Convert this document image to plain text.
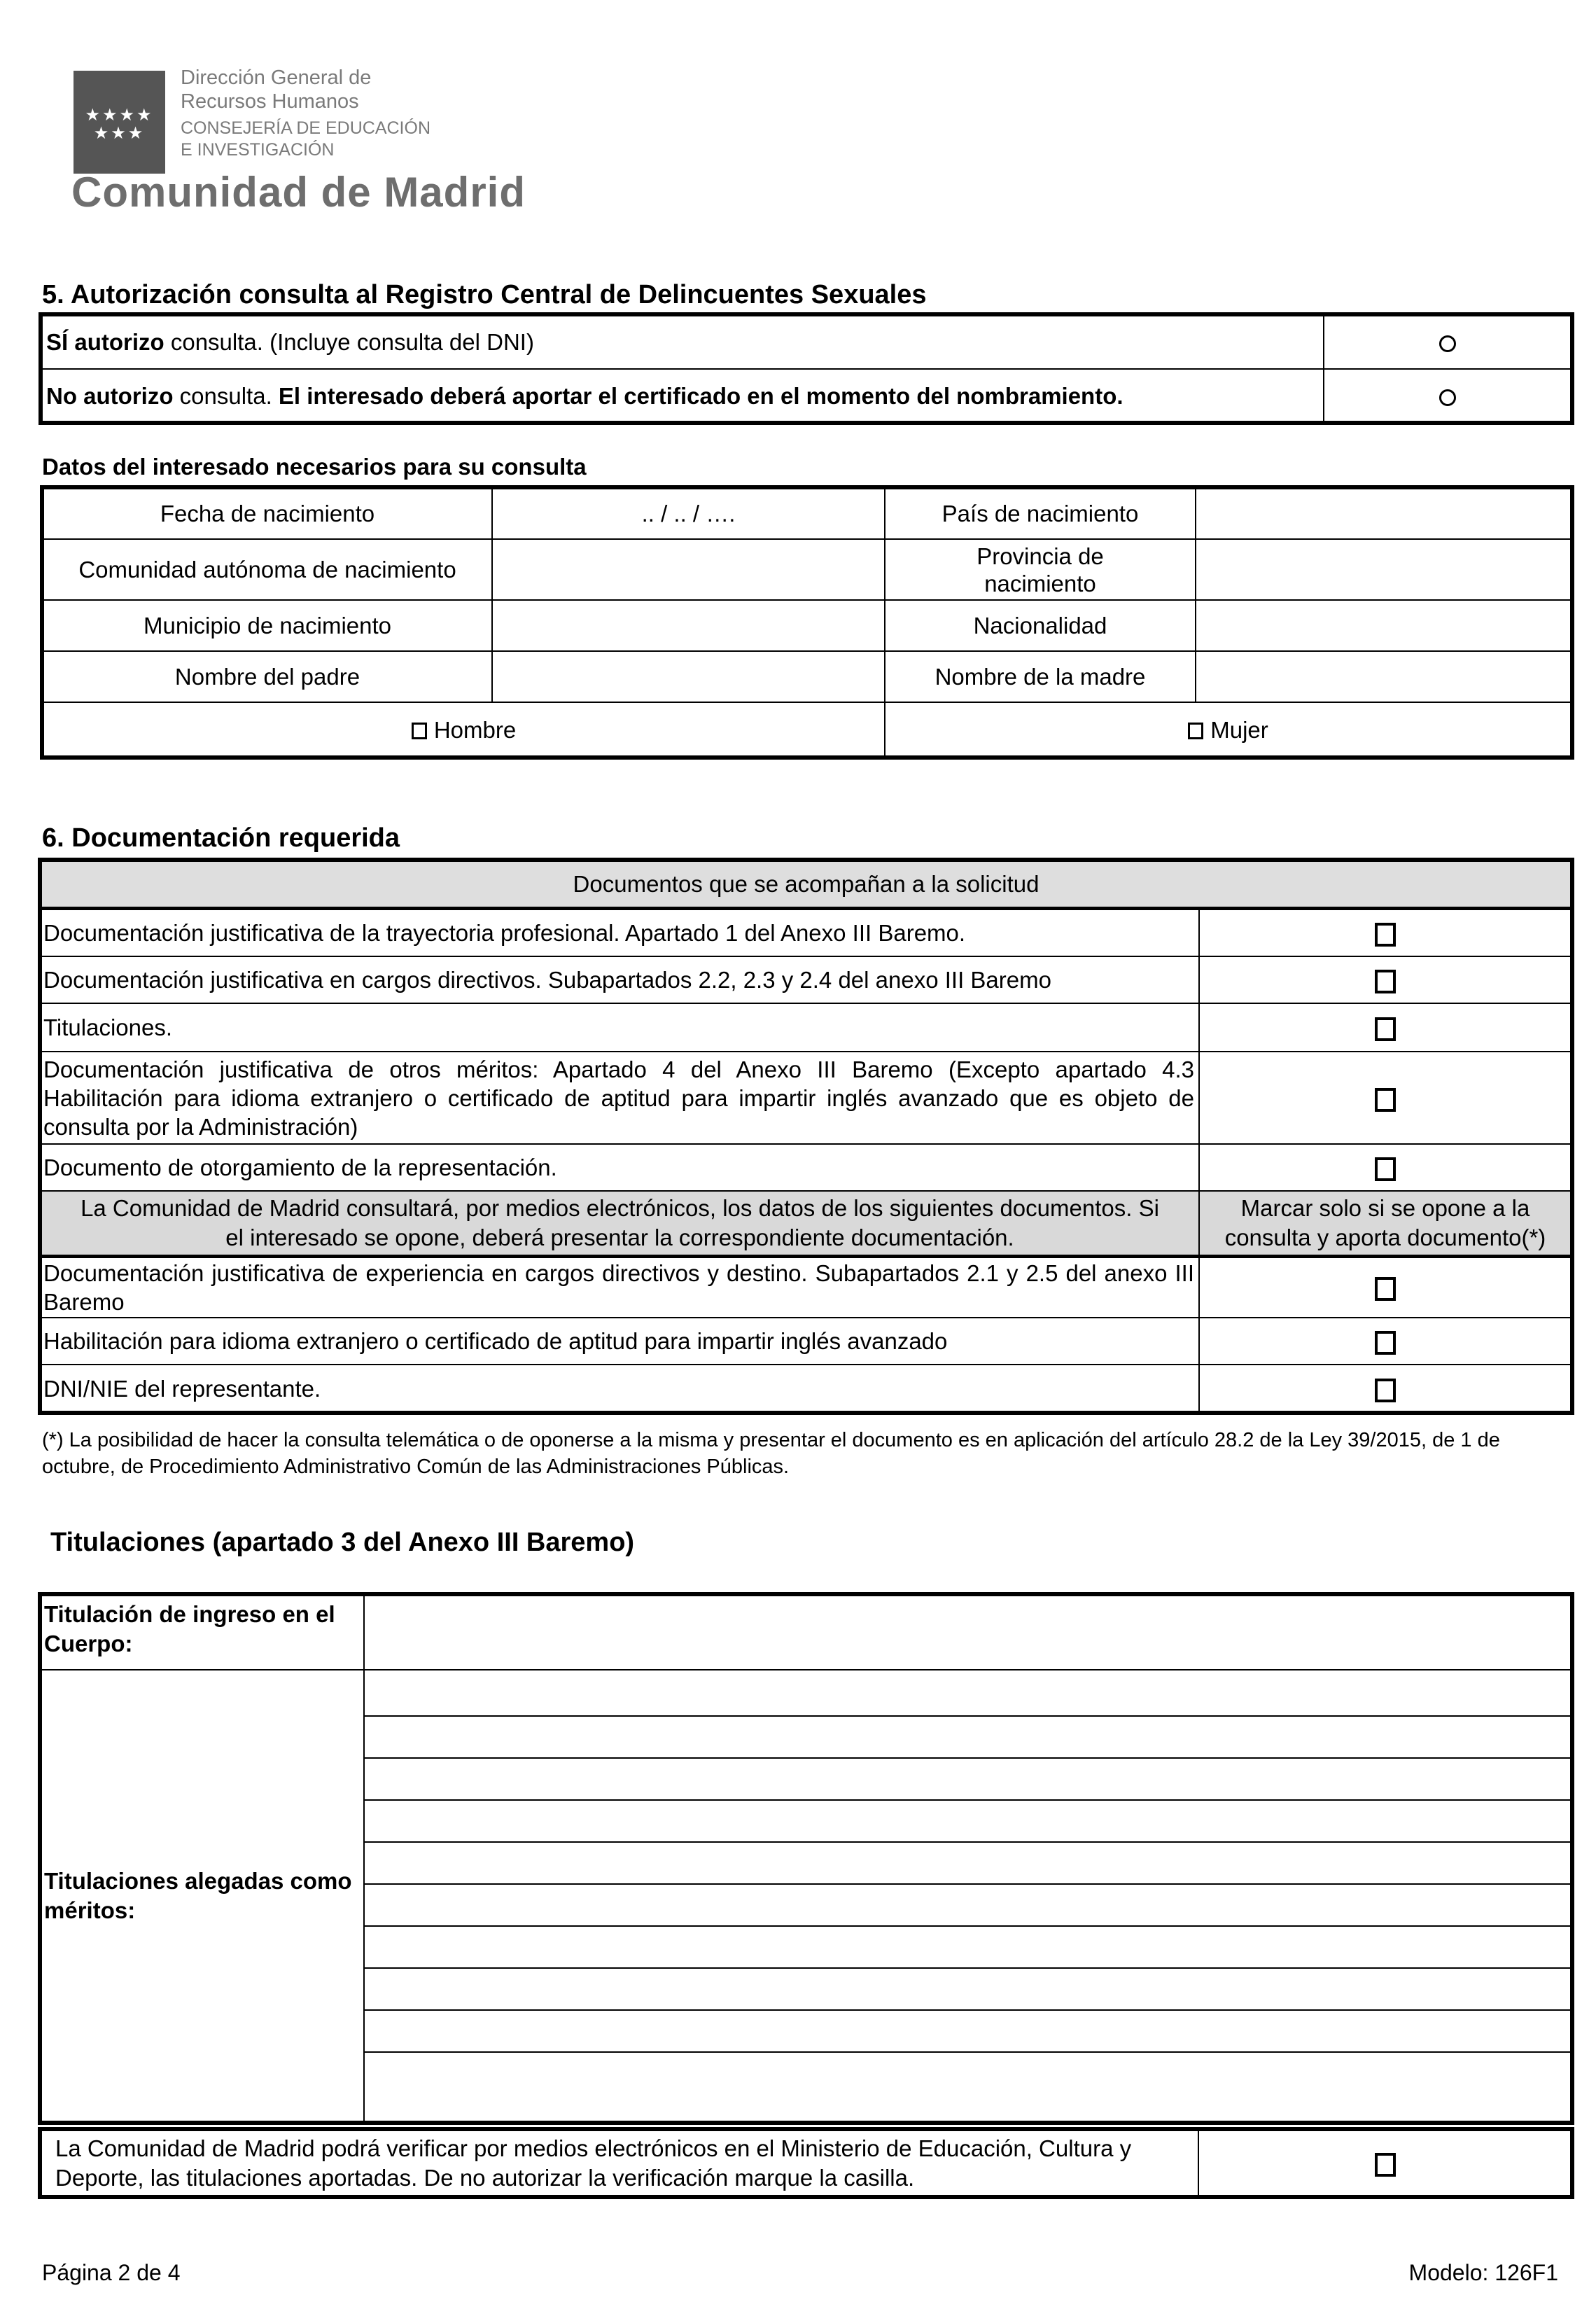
★★★★
★★★
Dirección General de
Recursos Humanos
CONSEJERÍA DE EDUCACIÓN
E INVESTIGACIÓN
Comunidad de Madrid
5. Autorización consulta al Registro Central de Delincuentes Sexuales
SÍ autorizo consulta. (Incluye consulta del DNI)	
No autorizo consulta. El interesado deberá aportar el certificado en el momento del nombramiento.	
Datos del interesado necesarios para su consulta
Fecha de nacimiento	.. / .. / ….	País de nacimiento	
Comunidad autónoma de nacimiento		Provincia de nacimiento	
Municipio de nacimiento		Nacionalidad	
Nombre del padre		Nombre de la madre	
Hombre		Mujer	
6. Documentación requerida
Documentos que se acompañan a la solicitud	
Documentación justificativa de la trayectoria profesional. Apartado 1 del Anexo III Baremo.	
Documentación justificativa en cargos directivos. Subapartados 2.2, 2.3 y 2.4 del anexo III Baremo	
Titulaciones.	
Documentación justificativa de otros méritos: Apartado 4 del Anexo III Baremo (Excepto apartado 4.3 Habilitación para idioma extranjero o certificado de aptitud para impartir inglés avanzado que es objeto de consulta por la Administración)	
Documento de otorgamiento de la representación.	
La Comunidad de Madrid consultará, por medios electrónicos, los datos de los siguientes documentos. Si el interesado se opone, deberá presentar la correspondiente documentación.	Marcar solo si se opone a la consulta y aporta documento(*)
Documentación justificativa de experiencia en cargos directivos y destino. Subapartados 2.1 y 2.5 del anexo III Baremo	
Habilitación para idioma extranjero o certificado de aptitud para impartir inglés avanzado	
DNI/NIE del representante.	
(*) La posibilidad de hacer la consulta telemática o de oponerse a la misma y presentar el documento es en aplicación del artículo 28.2 de la Ley 39/2015, de 1 de octubre, de Procedimiento Administrativo Común de las Administraciones Públicas.
Titulaciones (apartado 3 del Anexo III Baremo)
Titulación de ingreso en el Cuerpo:	
Titulaciones alegadas como méritos:	

La Comunidad de Madrid podrá verificar por medios electrónicos en el Ministerio de Educación, Cultura y Deporte, las titulaciones aportadas. De no autorizar la verificación marque la casilla.	
Página 2 de 4	Modelo: 126F1
